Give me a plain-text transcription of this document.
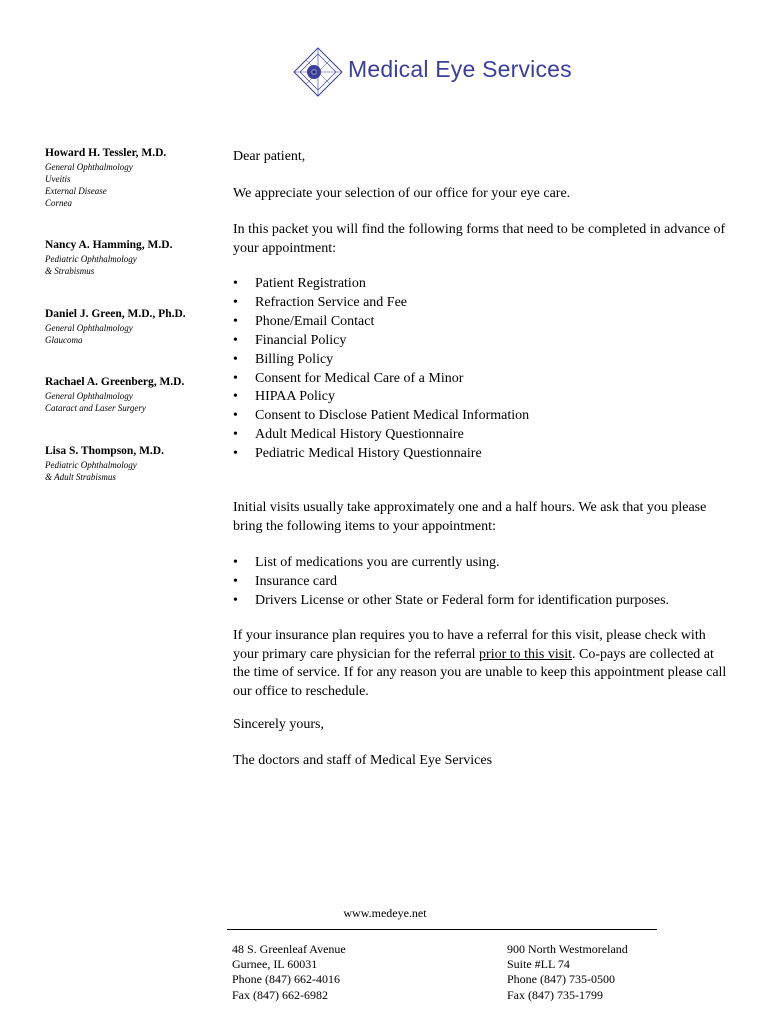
Medical Eye Services
Howard H. Tessler, M.D.
General Ophthalmology
Uveitis
External Disease
Cornea
Nancy A. Hamming, M.D.
Pediatric Ophthalmology
& Strabismus
Daniel J. Green, M.D., Ph.D.
General Ophthalmology
Glaucoma
Rachael A. Greenberg, M.D.
General Ophthalmology
Cataract and Laser Surgery
Lisa S. Thompson, M.D.
Pediatric Ophthalmology
& Adult Strabismus

Dear patient,

We appreciate your selection of our office for your eye care.

In this packet you will find the following forms that need to be completed in advance of your appointment:

• Patient Registration
• Refraction Service and Fee
• Phone/Email Contact
• Financial Policy
• Billing Policy
• Consent for Medical Care of a Minor
• HIPAA Policy
• Consent to Disclose Patient Medical Information
• Adult Medical History Questionnaire
• Pediatric Medical History Questionnaire

Initial visits usually take approximately one and a half hours. We ask that you please bring the following items to your appointment:

• List of medications you are currently using.
• Insurance card
• Drivers License or other State or Federal form for identification purposes.

If your insurance plan requires you to have a referral for this visit, please check with your primary care physician for the referral prior to this visit. Co-pays are collected at the time of service. If for any reason you are unable to keep this appointment please call our office to reschedule.

Sincerely yours,

The doctors and staff of Medical Eye Services

www.medeye.net
48 S. Greenleaf Avenue
Gurnee, IL 60031
Phone (847) 662-4016
Fax (847) 662-6982
900 North Westmoreland
Suite #LL 74
Phone (847) 735-0500
Fax (847) 735-1799
